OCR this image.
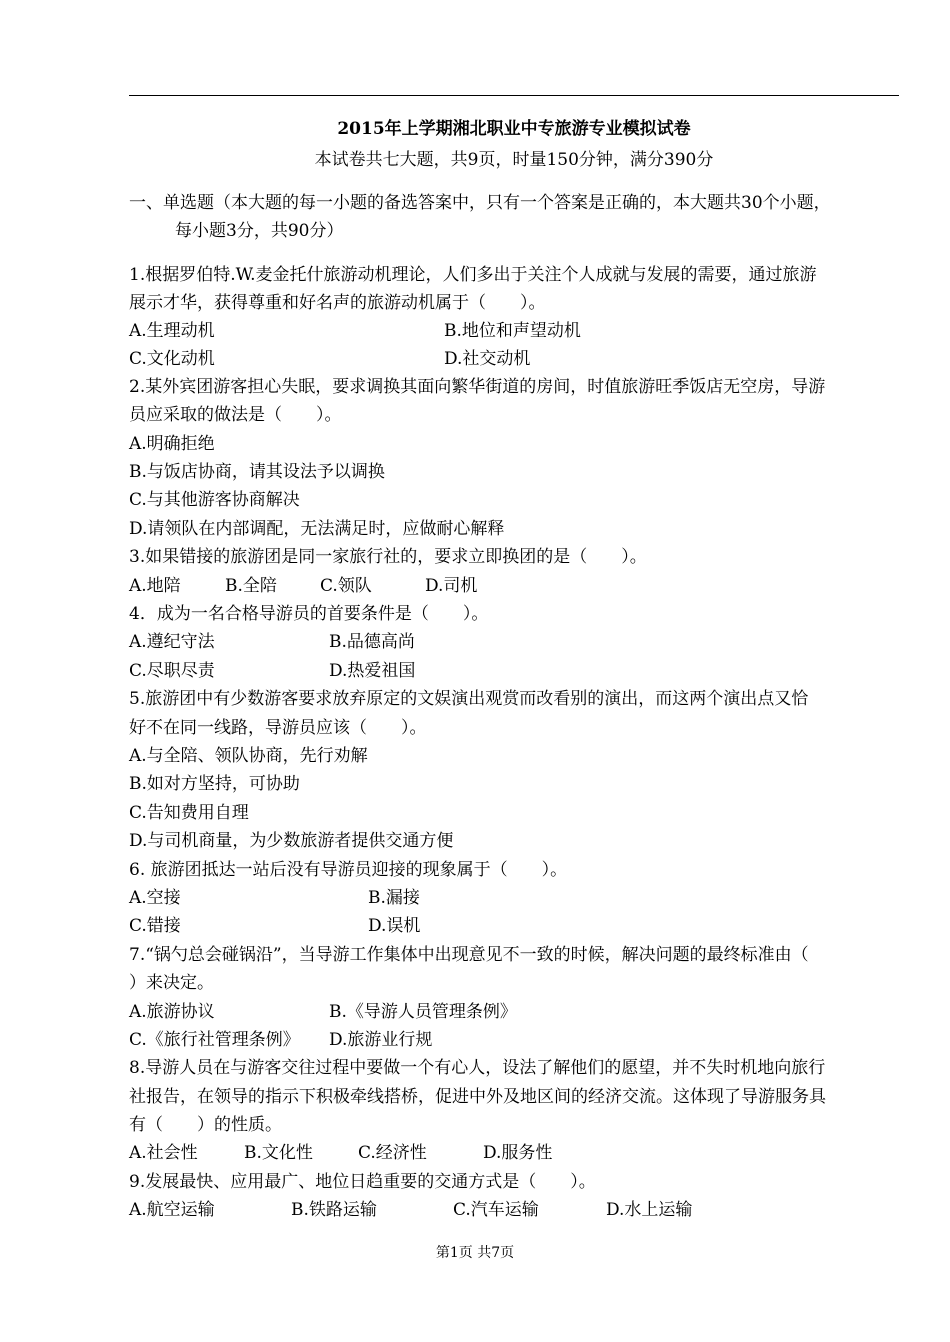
2015年上学期湘北职业中专旅游专业模拟试卷
本试卷共七大题，共9页，时量150分钟，满分390分
一、单选题（本大题的每一小题的备选答案中，只有一个答案是正确的，本大题共30个小题，
每小题3分，共90分）
1.根据罗伯特.W.麦金托什旅游动机理论，人们多出于关注个人成就与发展的需要，通过旅游
展示才华，获得尊重和好名声的旅游动机属于（　　）。
A.生理动机	B.地位和声望动机
C.文化动机	D.社交动机
2.某外宾团游客担心失眠，要求调换其面向繁华街道的房间，时值旅游旺季饭店无空房，导游
员应采取的做法是（　　）。
A.明确拒绝
B.与饭店协商，请其设法予以调换
C.与其他游客协商解决
D.请领队在内部调配，无法满足时，应做耐心解释
3.如果错接的旅游团是同一家旅行社的，要求立即换团的是（　　）。
A.地陪	B.全陪	C.领队	D.司机
4．成为一名合格导游员的首要条件是（　　）。
A.遵纪守法	B.品德高尚
C.尽职尽责	D.热爱祖国
5.旅游团中有少数游客要求放弃原定的文娱演出观赏而改看别的演出，而这两个演出点又恰
好不在同一线路，导游员应该（　　）。
A.与全陪、领队协商，先行劝解
B.如对方坚持，可协助
C.告知费用自理
D.与司机商量，为少数旅游者提供交通方便
6. 旅游团抵达一站后没有导游员迎接的现象属于（　　）。
A.空接	B.漏接
C.错接	D.误机
7.“锅勺总会碰锅沿”，当导游工作集体中出现意见不一致的时候，解决问题的最终标准由（
）来决定。
A.旅游协议	B.《导游人员管理条例》
C.《旅行社管理条例》 D.旅游业行规
8.导游人员在与游客交往过程中要做一个有心人，设法了解他们的愿望，并不失时机地向旅行
社报告，在领导的指示下积极牵线搭桥，促进中外及地区间的经济交流。这体现了导游服务具
有（　　）的性质。
A.社会性	B.文化性	C.经济性	D.服务性
9.发展最快、应用最广、地位日趋重要的交通方式是（　　）。
A.航空运输	B.铁路运输	C.汽车运输	D.水上运输
第1页 共7页
